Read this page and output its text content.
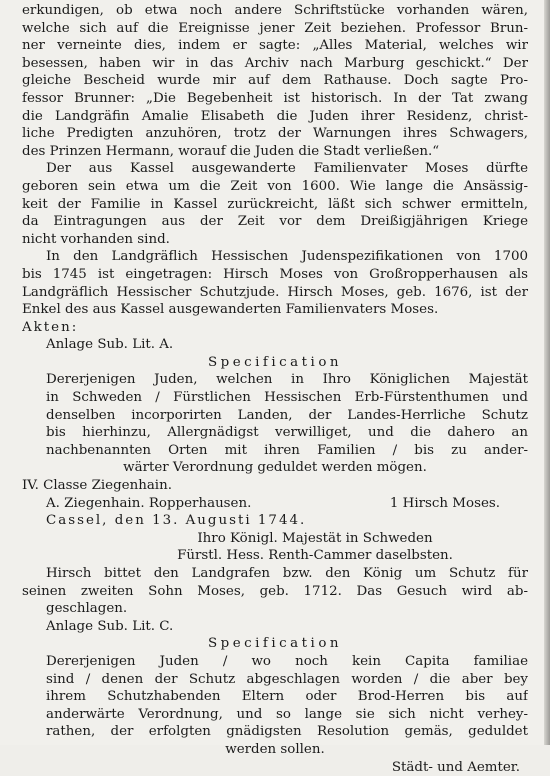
erkundigen, ob etwa noch andere Schriftstücke vorhanden wären,
welche sich auf die Ereignisse jener Zeit beziehen. Professor Brun-
ner verneinte dies, indem er sagte: „Alles Material, welches wir
besessen, haben wir in das Archiv nach Marburg geschickt.“ Der
gleiche Bescheid wurde mir auf dem Rathause. Doch sagte Pro-
fessor Brunner: „Die Begebenheit ist historisch. In der Tat zwang
die Landgräfin Amalie Elisabeth die Juden ihrer Residenz, christ-
liche Predigten anzuhören, trotz der Warnungen ihres Schwagers,
des Prinzen Hermann, worauf die Juden die Stadt verließen.“
Der aus Kassel ausgewanderte Familienvater Moses dürfte
geboren sein etwa um die Zeit von 1600. Wie lange die Ansässig-
keit der Familie in Kassel zurückreicht, läßt sich schwer ermitteln,
da Eintragungen aus der Zeit vor dem Dreißigjährigen Kriege
nicht vorhanden sind.
In den Landgräflich Hessischen Judenspezifikationen von 1700
bis 1745 ist eingetragen: Hirsch Moses von Großropperhausen als
Landgräflich Hessischer Schutzjude. Hirsch Moses, geb. 1676, ist der
Enkel des aus Kassel ausgewanderten Familienvaters Moses.
Akten:
Anlage Sub. Lit. A.
Specification
Dererjenigen Juden, welchen in Ihro Königlichen Majestät
in Schweden / Fürstlichen Hessischen Erb-Fürstenthumen und
denselben incorporirten Landen, der Landes-Herrliche Schutz
bis hierhinzu, Allergnädigst verwilliget, und die dahero an
nachbenannten Orten mit ihren Familien / bis zu ander-
wärter Verordnung geduldet werden mögen.
IV. Classe Ziegenhain.
A. Ziegenhain. Ropperhausen.	1 Hirsch Moses.
Cassel, den 13. Augusti 1744.
Ihro Königl. Majestät in Schweden
Fürstl. Hess. Renth-Cammer daselbsten.
Hirsch bittet den Landgrafen bzw. den König um Schutz für
seinen zweiten Sohn Moses, geb. 1712. Das Gesuch wird ab-
geschlagen.
Anlage Sub. Lit. C.
Specification
Dererjenigen Juden / wo noch kein Capita familiae
sind / denen der Schutz abgeschlagen worden / die aber bey
ihrem Schutzhabenden Eltern oder Brod-Herren bis auf
anderwärte Verordnung, und so lange sie sich nicht verhey-
rathen, der erfolgten gnädigsten Resolution gemäs, geduldet
werden sollen.
Städt- und Aemter.
